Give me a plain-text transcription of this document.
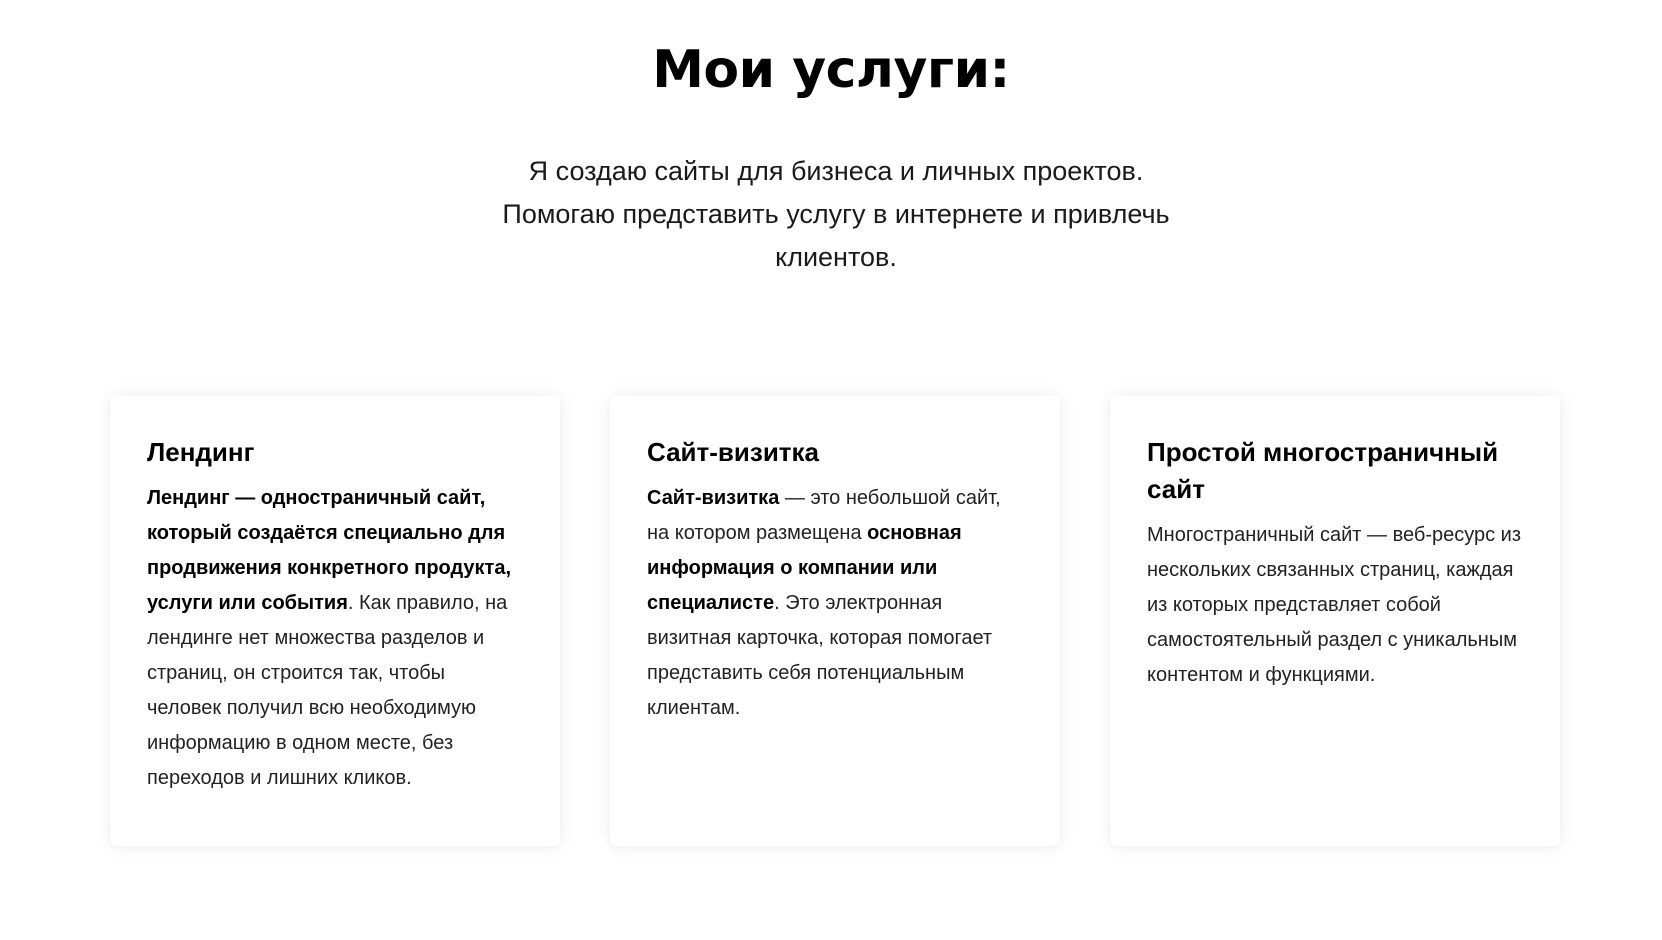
Мои услуги:

Я создаю сайты для бизнеса и личных проектов.
Помогаю представить услугу в интернете и привлечь
клиентов.

Лендинг

Лендинг — одностраничный сайт, который создаётся специально для продвижения конкретного продукта, услуги или события. Как правило, на лендинге нет множества разделов и страниц, он строится так, чтобы человек получил всю необходимую информацию в одном месте, без переходов и лишних кликов.

Сайт-визитка

Сайт-визитка — это небольшой сайт, на котором размещена основная информация о компании или специалисте. Это электронная визитная карточка, которая помогает представить себя потенциальным клиентам.

Простой многостраничный сайт

Многостраничный сайт — веб-ресурс из нескольких связанных страниц, каждая из которых представляет собой самостоятельный раздел с уникальным контентом и функциями.
